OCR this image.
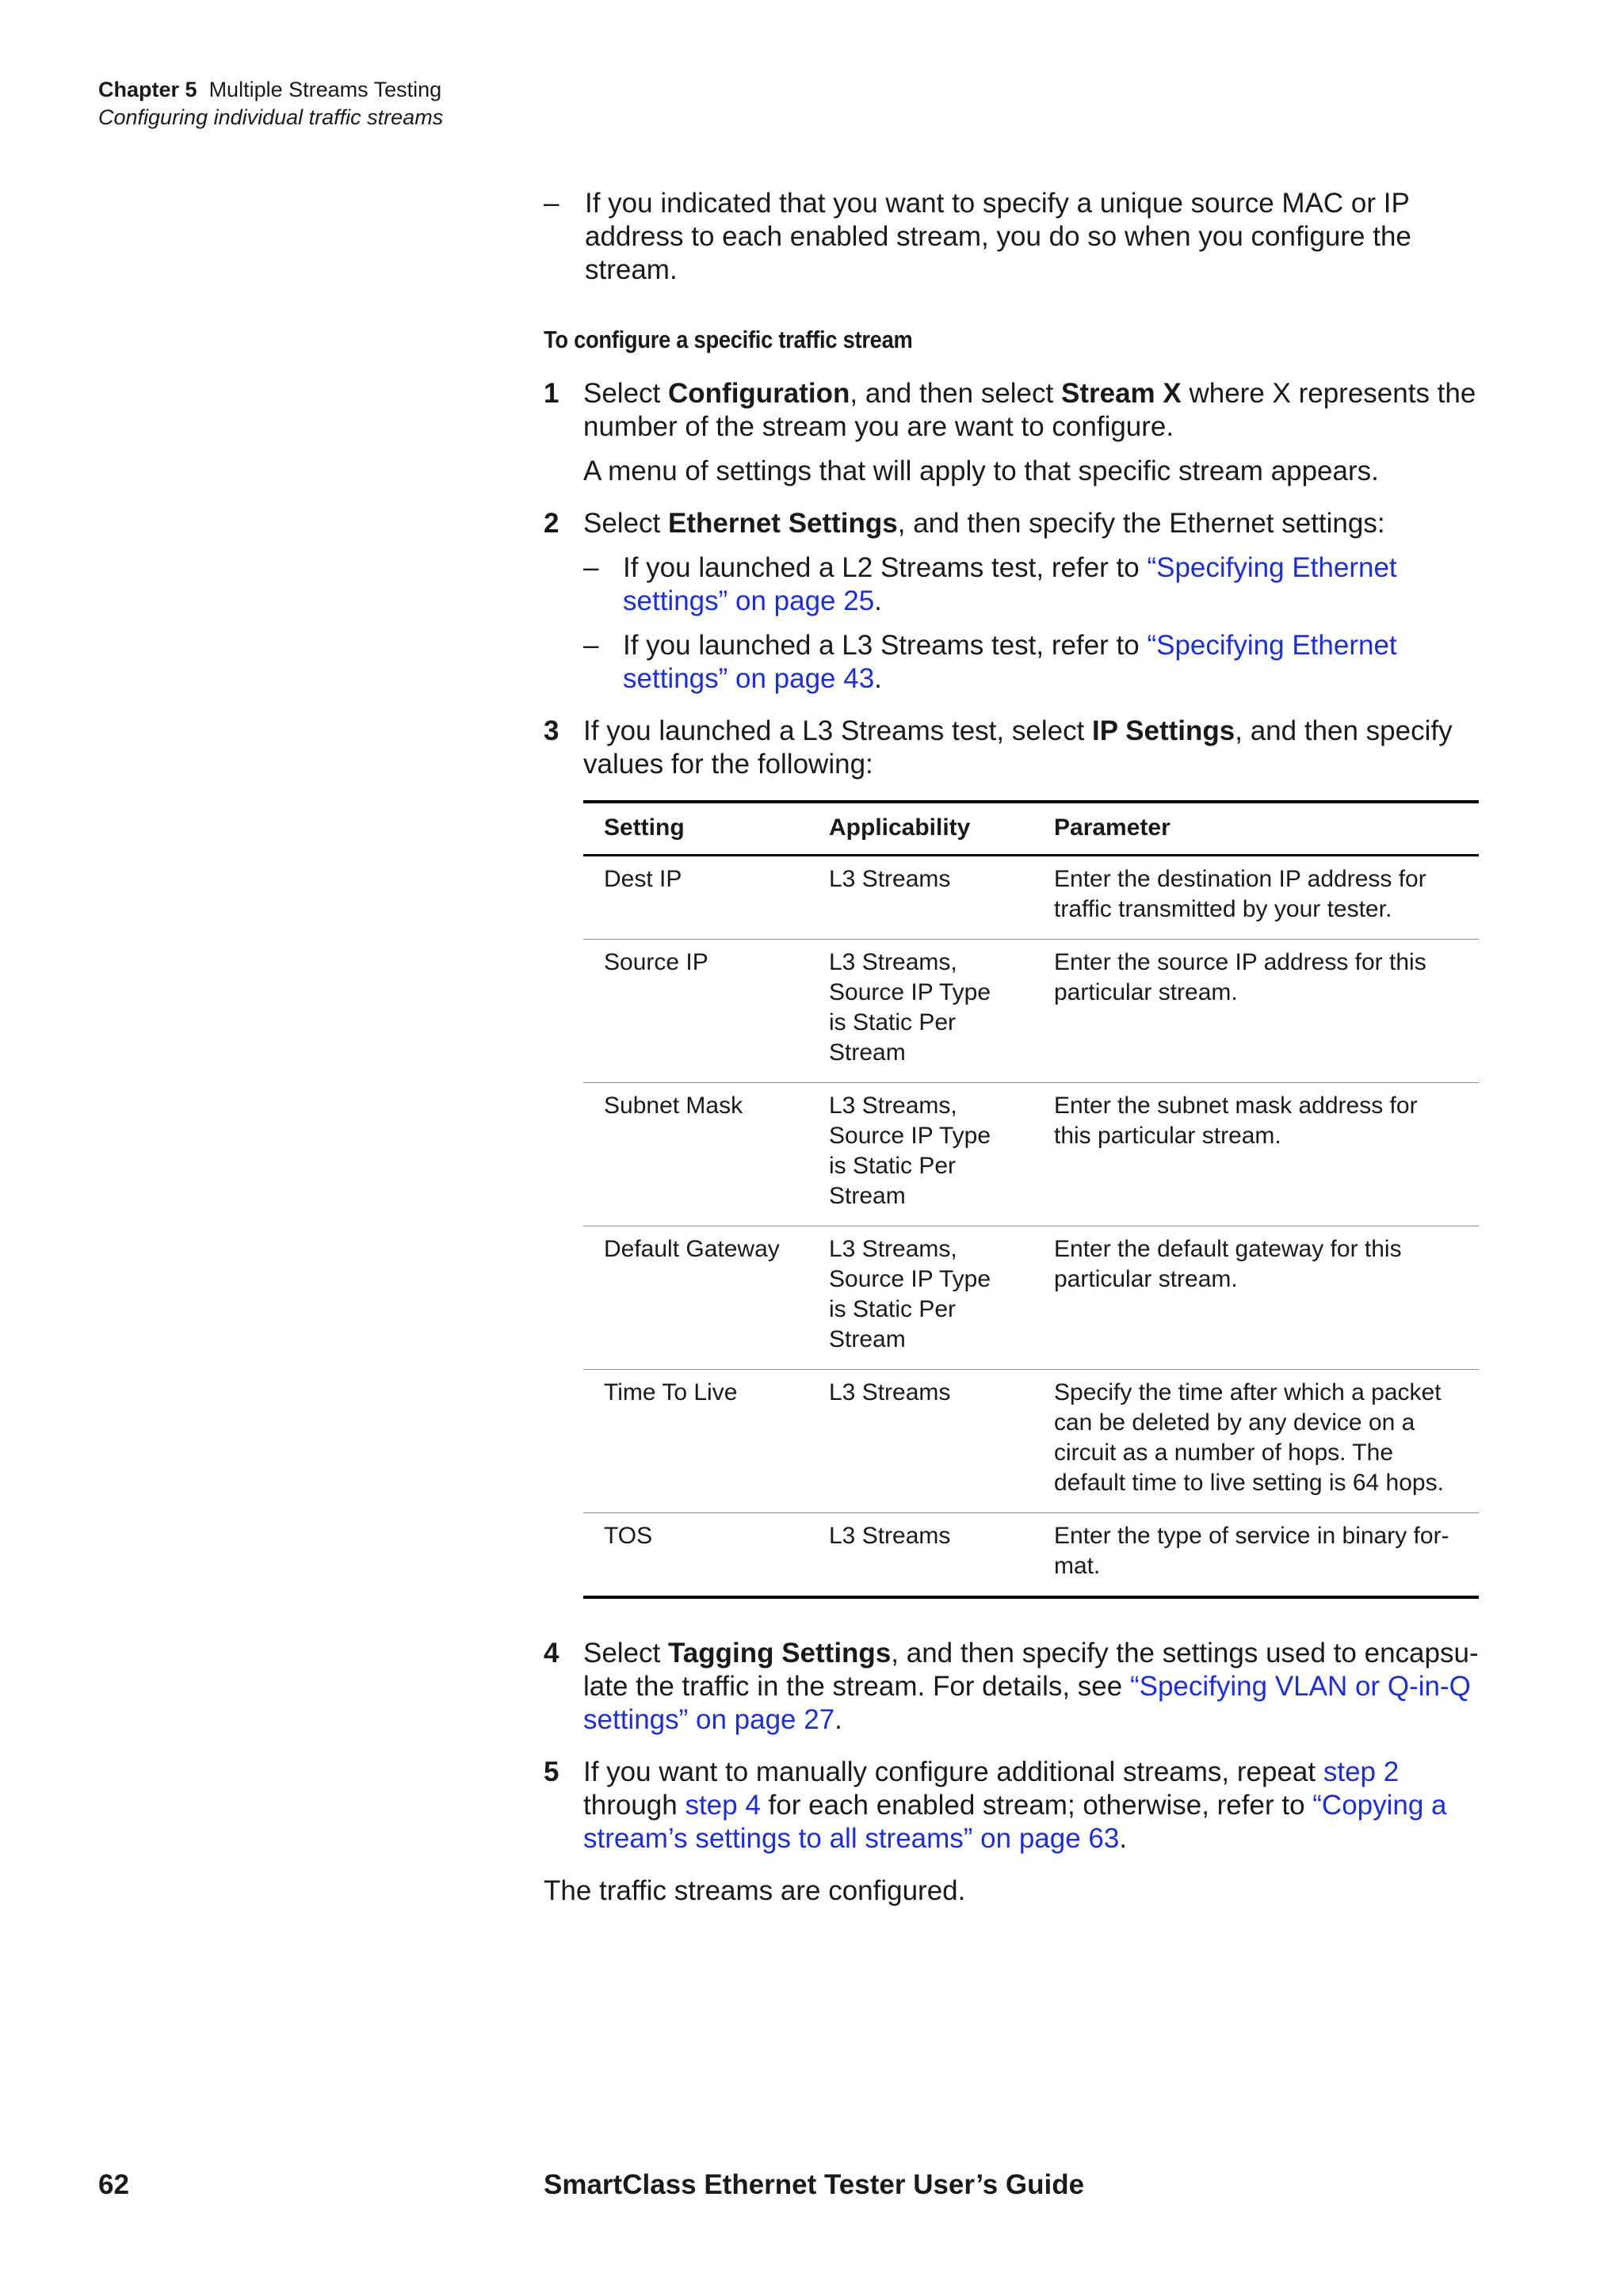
Chapter 5 Multiple Streams Testing
Configuring individual traffic streams
– If you indicated that you want to specify a unique source MAC or IP address to each enabled stream, you do so when you configure the stream.
To configure a specific traffic stream
1 Select Configuration, and then select Stream X where X represents the number of the stream you are want to configure.

A menu of settings that will apply to that specific stream appears.

2 Select Ethernet Settings, and then specify the Ethernet settings:

– If you launched a L2 Streams test, refer to “Specifying Ethernet settings” on page 25.
– If you launched a L3 Streams test, refer to “Specifying Ethernet settings” on page 43.
3 If you launched a L3 Streams test, select IP Settings, and then specify values for the following:

Setting	Applicability	Parameter
Dest IP	L3 Streams	Enter the destination IP address for traffic transmitted by your tester.
Source IP	L3 Streams, Source IP Type is Static Per Stream	Enter the source IP address for this particular stream.
Subnet Mask	L3 Streams, Source IP Type is Static Per Stream	Enter the subnet mask address for this particular stream.
Default Gateway	L3 Streams, Source IP Type is Static Per Stream	Enter the default gateway for this particular stream.
Time To Live	L3 Streams	Specify the time after which a packet can be deleted by any device on a circuit as a number of hops. The default time to live setting is 64 hops.
TOS	L3 Streams	Enter the type of service in binary format.
4 Select Tagging Settings, and then specify the settings used to encapsulate the traffic in the stream. For details, see “Specifying VLAN or Q-in-Q settings” on page 27.

5 If you want to manually configure additional streams, repeat step 2 through step 4 for each enabled stream; otherwise, refer to “Copying a stream’s settings to all streams” on page 63.

The traffic streams are configured.

62	SmartClass Ethernet Tester User’s Guide
